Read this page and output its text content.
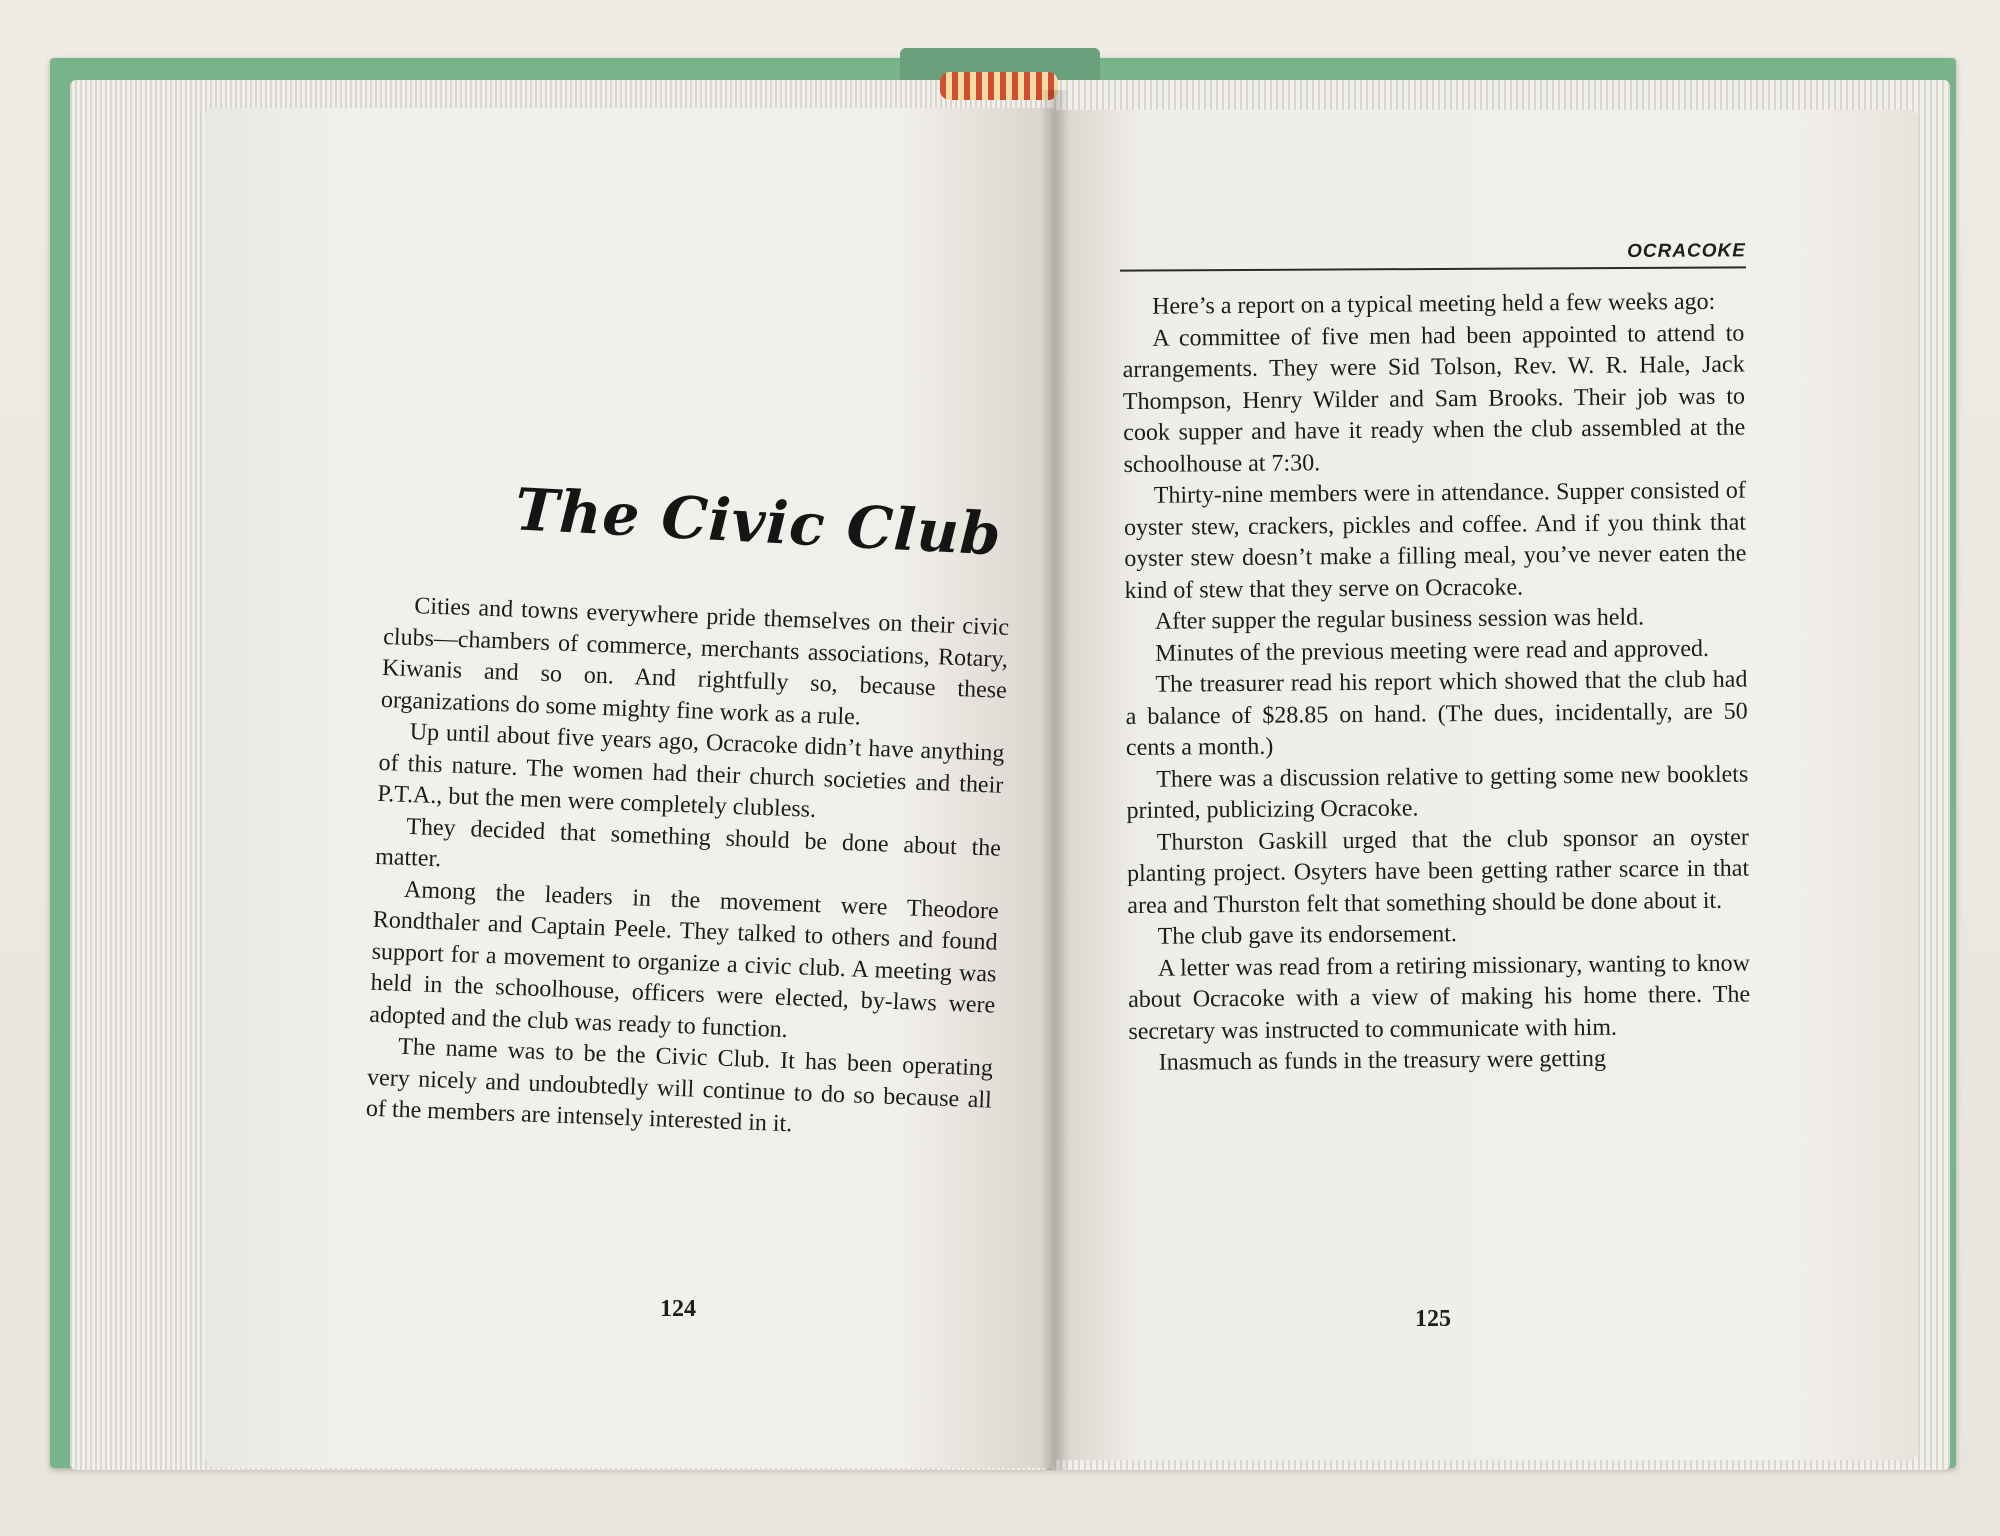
The Civic Club

Cities and towns everywhere pride themselves on their civic clubs—chambers of commerce, merchants associations, Rotary, Kiwanis and so on. And rightfully so, because these organizations do some mighty fine work as a rule.

Up until about five years ago, Ocracoke didn’t have anything of this nature. The women had their church societies and their P.T.A., but the men were completely clubless.

They decided that something should be done about the matter.

Among the leaders in the movement were Theodore Rondthaler and Captain Peele. They talked to others and found support for a movement to organize a civic club. A meeting was held in the schoolhouse, officers were elected, by-laws were adopted and the club was ready to function.

The name was to be the Civic Club. It has been operating very nicely and undoubtedly will continue to do so because all of the members are intensely interested in it.

124
OCRACOKE

Here’s a report on a typical meeting held a few weeks ago:

A committee of five men had been appointed to attend to arrangements. They were Sid Tolson, Rev. W. R. Hale, Jack Thompson, Henry Wilder and Sam Brooks. Their job was to cook supper and have it ready when the club assembled at the schoolhouse at 7:30.

Thirty-nine members were in attendance. Supper consisted of oyster stew, crackers, pickles and coffee. And if you think that oyster stew doesn’t make a filling meal, you’ve never eaten the kind of stew that they serve on Ocracoke.

After supper the regular business session was held.

Minutes of the previous meeting were read and approved.

The treasurer read his report which showed that the club had a balance of $28.85 on hand. (The dues, incidentally, are 50 cents a month.)

There was a discussion relative to getting some new booklets printed, publicizing Ocracoke.

Thurston Gaskill urged that the club sponsor an oyster planting project. Osyters have been getting rather scarce in that area and Thurston felt that something should be done about it.

The club gave its endorsement.

A letter was read from a retiring missionary, wanting to know about Ocracoke with a view of making his home there. The secretary was instructed to communicate with him.

Inasmuch as funds in the treasury were getting

125
